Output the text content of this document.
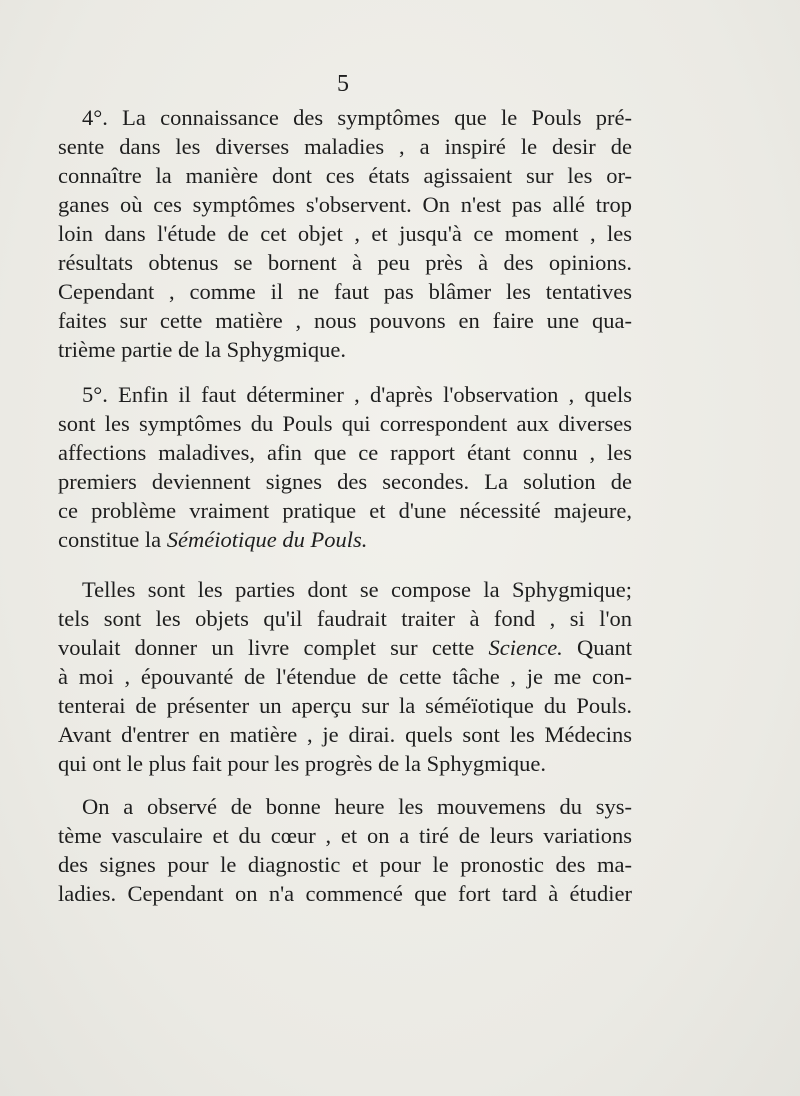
5

4°. La connaissance des symptômes que le Pouls pré-
sente dans les diverses maladies , a inspiré le desir de
connaître la manière dont ces états agissaient sur les or-
ganes où ces symptômes s'observent. On n'est pas allé trop
loin dans l'étude de cet objet , et jusqu'à ce moment , les
résultats obtenus se bornent à peu près à des opinions.
Cependant , comme il ne faut pas blâmer les tentatives
faites sur cette matière , nous pouvons en faire une qua-
trième partie de la Sphygmique.

5°. Enfin il faut déterminer , d'après l'observation , quels
sont les symptômes du Pouls qui correspondent aux diverses
affections maladives, afin que ce rapport étant connu , les
premiers deviennent signes des secondes. La solution de
ce problème vraiment pratique et d'une nécessité majeure,
constitue la Séméiotique du Pouls.

Telles sont les parties dont se compose la Sphygmique;
tels sont les objets qu'il faudrait traiter à fond , si l'on
voulait donner un livre complet sur cette Science. Quant
à moi , épouvanté de l'étendue de cette tâche , je me con-
tenterai de présenter un aperçu sur la séméïotique du Pouls.
Avant d'entrer en matière , je dirai. quels sont les Médecins
qui ont le plus fait pour les progrès de la Sphygmique.

On a observé de bonne heure les mouvemens du sys-
tème vasculaire et du cœur , et on a tiré de leurs variations
des signes pour le diagnostic et pour le pronostic des ma-
ladies. Cependant on n'a commencé que fort tard à étudier
